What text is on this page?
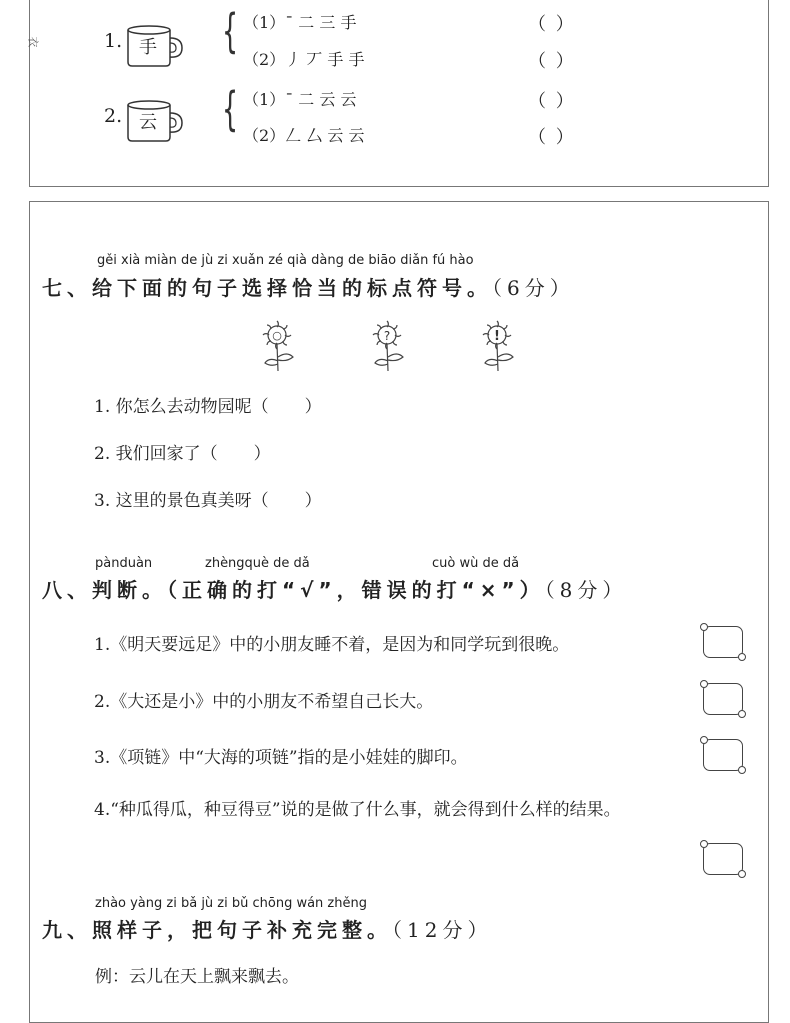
衣	1. 手 { （1）ˉ 二 三 手	（ ）
（2）丿 丆 手 手	（ ）
2. 云 { （1）ˉ 二 云 云	（ ）
（2）𠃋 厶 云 云	（ ）
gěi xià miàn de jù zi xuǎn zé qià dàng de biāo diǎn fú hào
七、给下面的句子选择恰当的标点符号。（6分）
○	?	!
1. 你怎么去动物园呢（ ）
2. 我们回家了（ ）
3. 这里的景色真美呀（ ）
pànduàn	zhèngquè de dǎ	cuò wù de dǎ
八、判断。（正确的打“√”，错误的打“×”）（8分）
1.《明天要远足》中的小朋友睡不着，是因为和同学玩到很晚。
2.《大还是小》中的小朋友不希望自己长大。
3.《项链》中“大海的项链”指的是小娃娃的脚印。
4.“种瓜得瓜，种豆得豆”说的是做了什么事，就会得到什么样的结果。
zhào yàng zi bǎ jù zi bǔ chōng wán zhěng
九、照样子，把句子补充完整。（12分）
例：云儿在天上飘来飘去。
